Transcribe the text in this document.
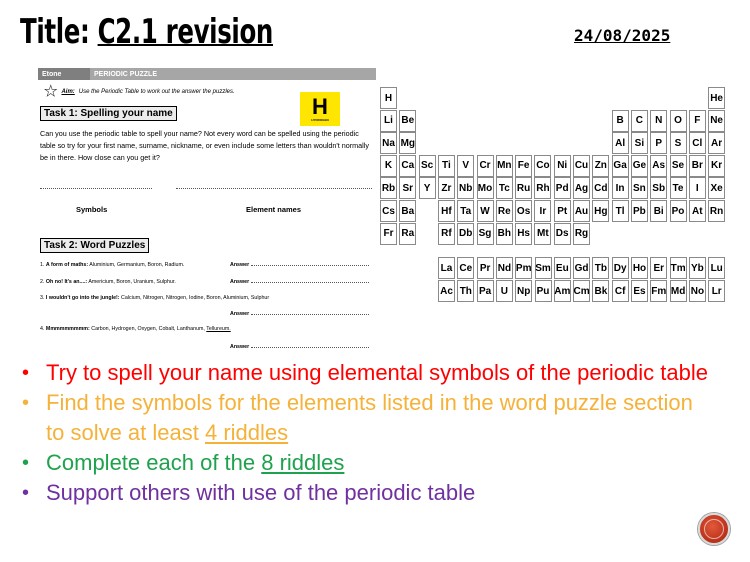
Title: C2.1 revision	24/08/2025
Etone	PERIODIC PUZZLE
★ Aim: Use the Periodic Table to work out the answer the puzzles.
H
HYDROGEN
Task 1: Spelling your name
Can you use the periodic table to spell your name? Not every word can be spelled using the periodic table so try for your first name, surname, nickname, or even include some letters than wouldn't normally be in there. How close can you get it?
Symbols	Element names
Task 2: Word Puzzles
1. A form of maths: Aluminium, Germanium, Boron, Radium.	Answer
2. Oh no! It's an....: Americium, Boron, Uranium, Sulphur.	Answer
3. I wouldn't go into the jungle!: Calcium, Nitrogen, Nitrogen, Iodine, Boron, Aluminium, Sulphur
Answer
4. Mmmmmmmmm: Carbon, Hydrogen, Oxygen, Cobalt, Lanthanum, Tellureum.
Answer
H	He
Li Be	B C N O F Ne
Na Mg	Al Si P S Cl Ar
K Ca Sc Ti V Cr Mn Fe Co Ni Cu Zn Ga Ge As Se Br Kr
Rb Sr Y Zr Nb Mo Tc Ru Rh Pd Ag Cd In Sn Sb Te I Xe
Cs Ba	Hf Ta W Re Os Ir Pt Au Hg Tl Pb Bi Po At Rn
Fr Ra	Rf Db Sg Bh Hs Mt Ds Rg
La Ce Pr Nd Pm Sm Eu Gd Tb Dy Ho Er Tm Yb Lu
Ac Th Pa U Np Pu Am Cm Bk Cf Es Fm Md No Lr
• Try to spell your name using elemental symbols of the periodic table
• Find the symbols for the elements listed in the word puzzle section to solve at least 4 riddles
• Complete each of the 8 riddles
• Support others with use of the periodic table
